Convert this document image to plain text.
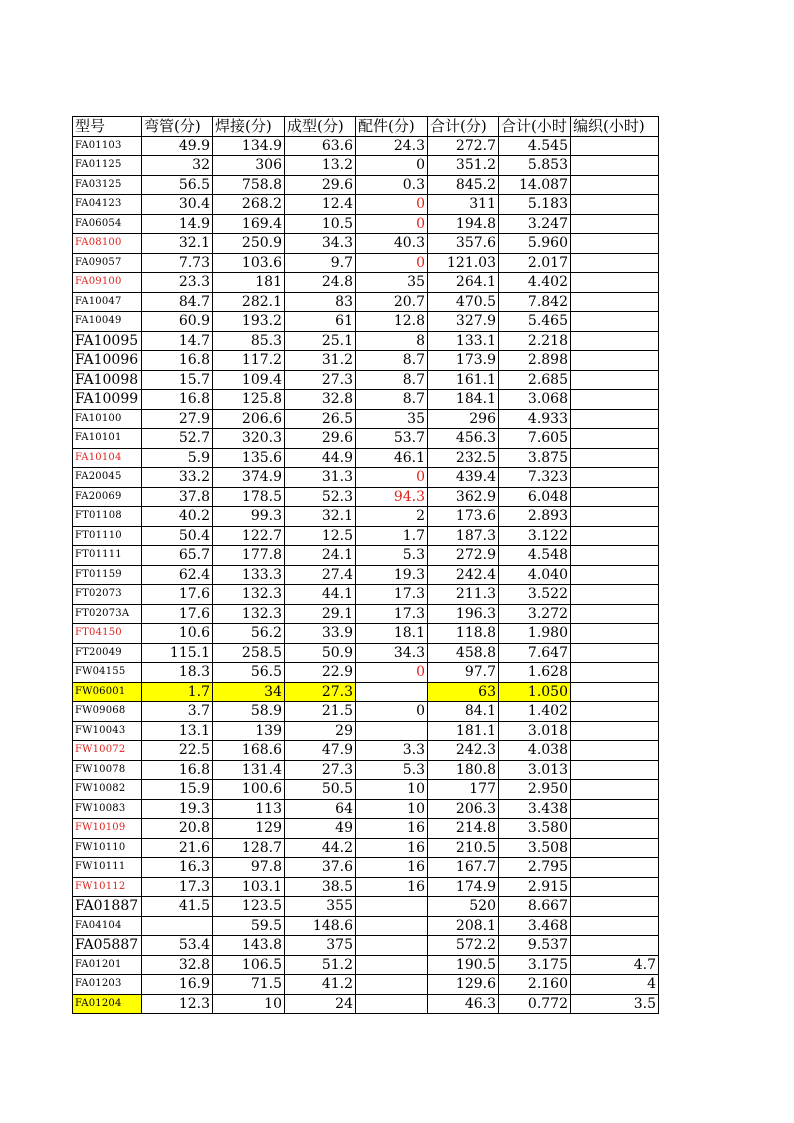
型号	弯管(分)	焊接(分)	成型(分)	配件(分)	合计(分)	合计(小时	编织(小时)
FA01103	49.9	134.9	63.6	24.3	272.7	4.545	
FA01125	32	306	13.2	0	351.2	5.853	
FA03125	56.5	758.8	29.6	0.3	845.2	14.087	
FA04123	30.4	268.2	12.4	0	311	5.183	
FA06054	14.9	169.4	10.5	0	194.8	3.247	
FA08100	32.1	250.9	34.3	40.3	357.6	5.960	
FA09057	7.73	103.6	9.7	0	121.03	2.017	
FA09100	23.3	181	24.8	35	264.1	4.402	
FA10047	84.7	282.1	83	20.7	470.5	7.842	
FA10049	60.9	193.2	61	12.8	327.9	5.465	
FA10095	14.7	85.3	25.1	8	133.1	2.218	
FA10096	16.8	117.2	31.2	8.7	173.9	2.898	
FA10098	15.7	109.4	27.3	8.7	161.1	2.685	
FA10099	16.8	125.8	32.8	8.7	184.1	3.068	
FA10100	27.9	206.6	26.5	35	296	4.933	
FA10101	52.7	320.3	29.6	53.7	456.3	7.605	
FA10104	5.9	135.6	44.9	46.1	232.5	3.875	
FA20045	33.2	374.9	31.3	0	439.4	7.323	
FA20069	37.8	178.5	52.3	94.3	362.9	6.048	
FT01108	40.2	99.3	32.1	2	173.6	2.893	
FT01110	50.4	122.7	12.5	1.7	187.3	3.122	
FT01111	65.7	177.8	24.1	5.3	272.9	4.548	
FT01159	62.4	133.3	27.4	19.3	242.4	4.040	
FT02073	17.6	132.3	44.1	17.3	211.3	3.522	
FT02073A	17.6	132.3	29.1	17.3	196.3	3.272	
FT04150	10.6	56.2	33.9	18.1	118.8	1.980	
FT20049	115.1	258.5	50.9	34.3	458.8	7.647	
FW04155	18.3	56.5	22.9	0	97.7	1.628	
FW06001	1.7	34	27.3		63	1.050	
FW09068	3.7	58.9	21.5	0	84.1	1.402	
FW10043	13.1	139	29		181.1	3.018	
FW10072	22.5	168.6	47.9	3.3	242.3	4.038	
FW10078	16.8	131.4	27.3	5.3	180.8	3.013	
FW10082	15.9	100.6	50.5	10	177	2.950	
FW10083	19.3	113	64	10	206.3	3.438	
FW10109	20.8	129	49	16	214.8	3.580	
FW10110	21.6	128.7	44.2	16	210.5	3.508	
FW10111	16.3	97.8	37.6	16	167.7	2.795	
FW10112	17.3	103.1	38.5	16	174.9	2.915	
FA01887	41.5	123.5	355		520	8.667	
FA04104		59.5	148.6		208.1	3.468	
FA05887	53.4	143.8	375		572.2	9.537	
FA01201	32.8	106.5	51.2		190.5	3.175	4.7
FA01203	16.9	71.5	41.2		129.6	2.160	4
FA01204	12.3	10	24		46.3	0.772	3.5
